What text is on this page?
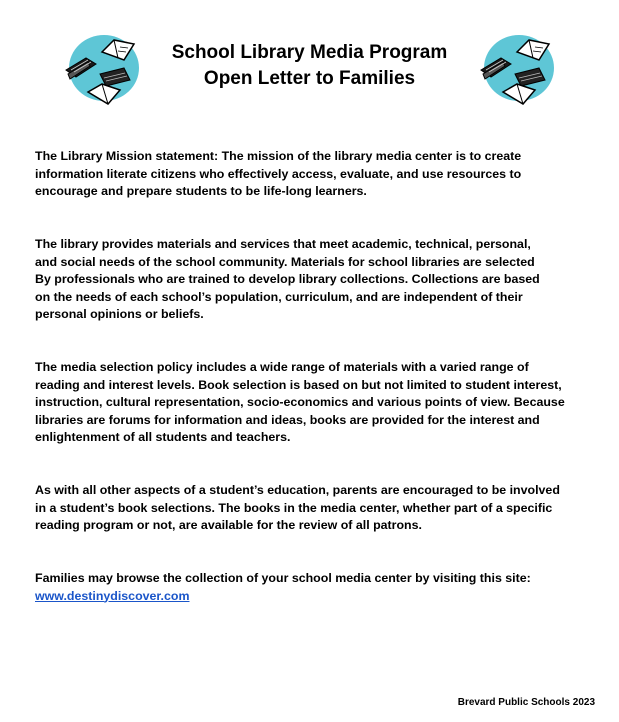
School Library Media Program
Open Letter to Families
The Library Mission statement: The mission of the library media center is to create
information literate citizens who effectively access, evaluate, and use resources to
encourage and prepare students to be life-long learners.
The library provides materials and services that meet academic, technical, personal,
and social needs of the school community. Materials for school libraries are selected
By professionals who are trained to develop library collections. Collections are based
on the needs of each school’s population, curriculum, and are independent of their
personal opinions or beliefs.
The media selection policy includes a wide range of materials with a varied range of
reading and interest levels. Book selection is based on but not limited to student interest,
instruction, cultural representation, socio-economics and various points of view. Because
libraries are forums for information and ideas, books are provided for the interest and
enlightenment of all students and teachers.
As with all other aspects of a student’s education, parents are encouraged to be involved
in a student’s book selections. The books in the media center, whether part of a specific
reading program or not, are available for the review of all patrons.
Families may browse the collection of your school media center by visiting this site:
www.destinydiscover.com
Brevard Public Schools 2023
